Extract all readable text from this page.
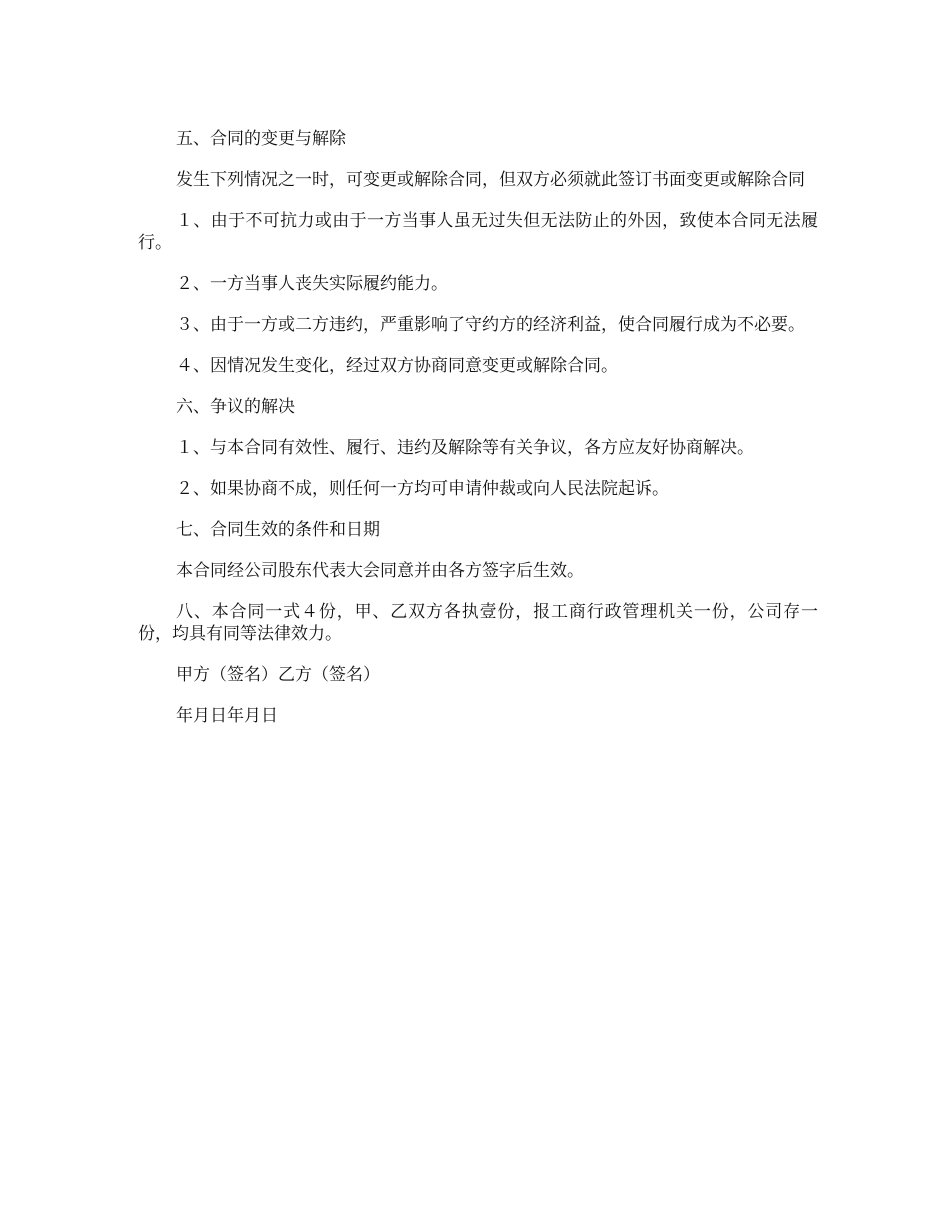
五、合同的变更与解除

发生下列情况之一时，可变更或解除合同，但双方必须就此签订书面变更或解除合同

１、由于不可抗力或由于一方当事人虽无过失但无法防止的外因，致使本合同无法履行。

２、一方当事人丧失实际履约能力。

３、由于一方或二方违约，严重影响了守约方的经济利益，使合同履行成为不必要。

４、因情况发生变化，经过双方协商同意变更或解除合同。

六、争议的解决

１、与本合同有效性、履行、违约及解除等有关争议，各方应友好协商解决。

２、如果协商不成，则任何一方均可申请仲裁或向人民法院起诉。

七、合同生效的条件和日期

本合同经公司股东代表大会同意并由各方签字后生效。

八、本合同一式４份，甲、乙双方各执壹份，报工商行政管理机关一份，公司存一份，均具有同等法律效力。

甲方（签名）乙方（签名）

年月日年月日
